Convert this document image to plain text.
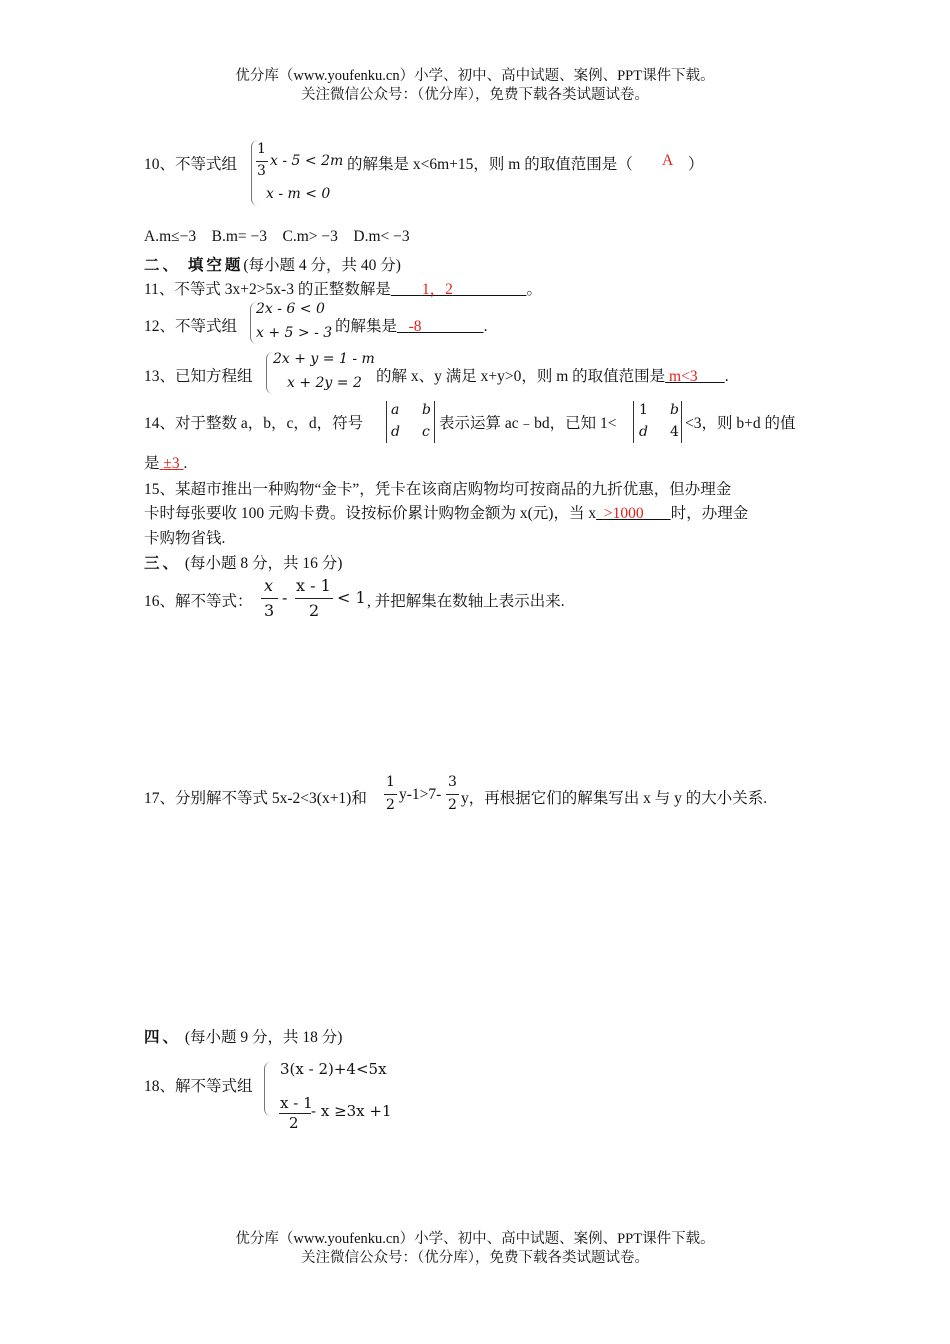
优分库（www.youfenku.cn）小学、初中、高中试题、案例、PPT课件下载。
关注微信公众号：（优分库），免费下载各类试题试卷。
10、不等式组
1
3
x - 5 < 2m
x - m < 0
的解集是 x<6m+15，则 m 的取值范围是（ A ）
A.m≤−3    B.m= −3    C.m> −3    D.m< −3
二、 填空题(每小题 4 分，共 40 分)
11、不等式 3x+2>5x-3 的正整数解是 1，2	。
12、不等式组
2x - 6 < 0
x + 5 > - 3 的解集是 -8	.
13、已知方程组
2x + y = 1 - m
x + 2y = 2 的解 x、y 满足 x+y>0，则 m 的取值范围是 m<3 .
14、对于整数 a，b，c，d，符号
a b
d c 表示运算 ac﹣bd，已知 1<
1 b
d 4 <3，则 b+d 的值
是 ±3 .
15、某超市推出一种购物“金卡”，凭卡在该商店购物均可按商品的九折优惠，但办理金
卡时每张要收 100 元购卡费。设按标价累计购物金额为 x(元)，当 x >1000 时，办理金
卡购物省钱.
三、 (每小题 8 分，共 16 分)
16、解不等式：
x
3
-
x - 1
2
< 1 , 并把解集在数轴上表示出来.
17、分别解不等式 5x-2<3(x+1)和
1
2
y-1>7-
3
2 y，再根据它们的解集写出 x 与 y 的大小关系.
四、 (每小题 9 分，共 18 分)
18、解不等式组
3(x - 2)+4<5x
x - 1
2
- x ≥3x +1
优分库（www.youfenku.cn）小学、初中、高中试题、案例、PPT课件下载。
关注微信公众号：（优分库），免费下载各类试题试卷。
